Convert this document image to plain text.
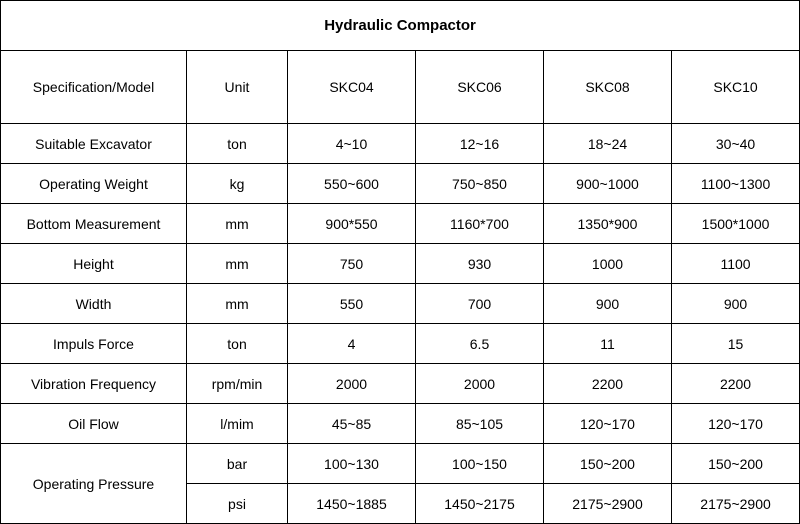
Hydraulic Compactor					
Specification/Model	Unit	SKC04	SKC06	SKC08	SKC10
Suitable Excavator	ton	4~10	12~16	18~24	30~40
Operating Weight	kg	550~600	750~850	900~1000	1100~1300
Bottom Measurement	mm	900*550	1160*700	1350*900	1500*1000
Height	mm	750	930	1000	1100
Width	mm	550	700	900	900
Impuls Force	ton	4	6.5	11	15
Vibration Frequency	rpm/min	2000	2000	2200	2200
Oil Flow	l/mim	45~85	85~105	120~170	120~170
Operating Pressure	bar	100~130	100~150	150~200	150~200
	psi	1450~1885	1450~2175	2175~2900	2175~2900
